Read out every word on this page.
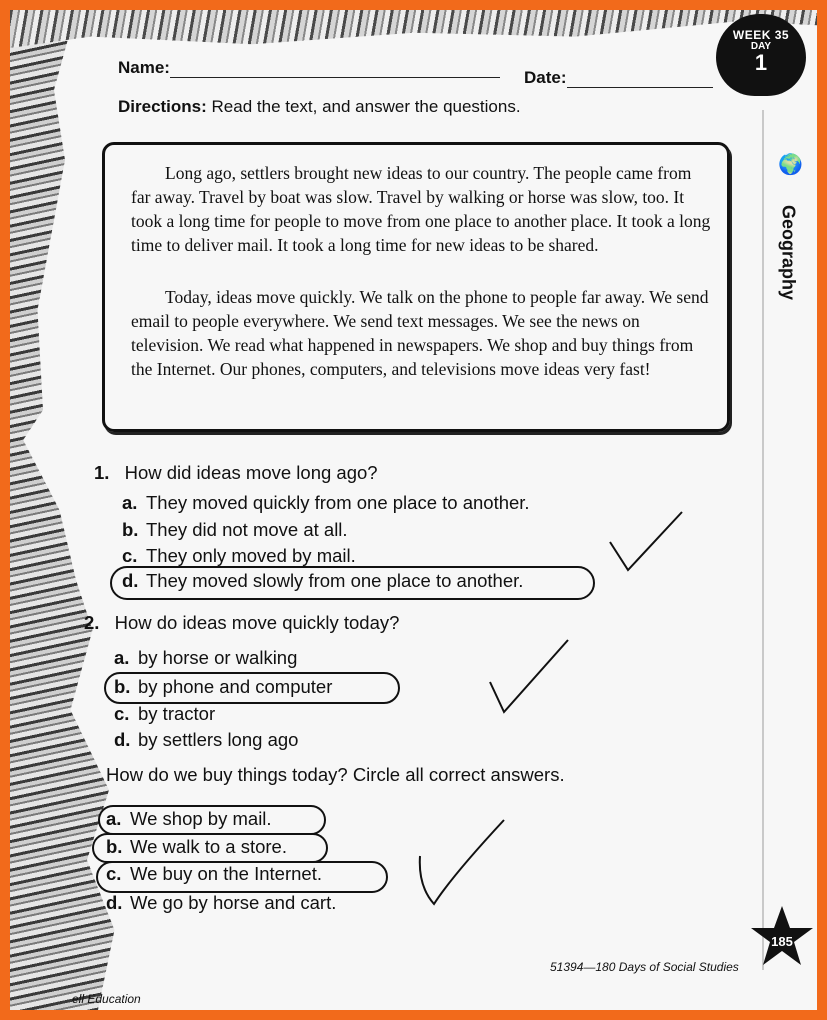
WEEK 35
DAY
1
Name:
Date:
Directions: Read the text, and answer the questions.

Long ago, settlers brought new ideas to our country. The people came from far away. Travel by boat was slow. Travel by walking or horse was slow, too. It took a long time for people to move from one place to another place. It took a long time to deliver mail. It took a long time for new ideas to be shared.

Today, ideas move quickly. We talk on the phone to people far away. We send email to people everywhere. We send text messages. We see the news on television. We read what happened in newspapers. We shop and buy things from the Internet. Our phones, computers, and televisions move ideas very fast!

🌍
Geography
1. How did ideas move long ago?
a. They moved quickly from one place to another.
b. They did not move at all.
c. They only moved by mail.
d. They moved slowly from one place to another.
2. How do ideas move quickly today?
a. by horse or walking
b. by phone and computer
c. by tractor
d. by settlers long ago
How do we buy things today? Circle all correct answers.
a. We shop by mail.
b. We walk to a store.
c. We buy on the Internet.
d. We go by horse and cart.
51394—180 Days of Social Studies
ell Education
185
